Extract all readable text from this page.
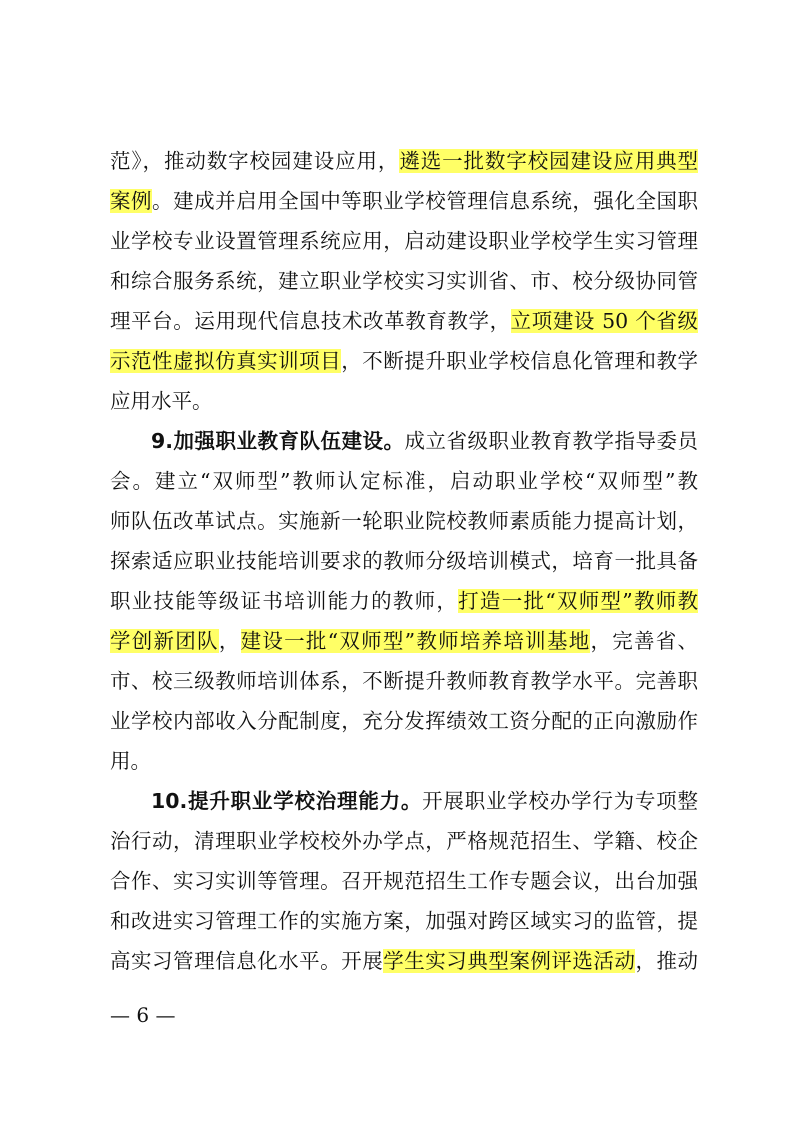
范》，推动数字校园建设应用，遴选一批数字校园建设应用典型
案例。建成并启用全国中等职业学校管理信息系统，强化全国职
业学校专业设置管理系统应用，启动建设职业学校学生实习管理
和综合服务系统，建立职业学校实习实训省、市、校分级协同管
理平台。运用现代信息技术改革教育教学，立项建设 50 个省级
示范性虚拟仿真实训项目，不断提升职业学校信息化管理和教学
应用水平。
9.加强职业教育队伍建设。成立省级职业教育教学指导委员
会。建立“双师型”教师认定标准，启动职业学校“双师型”教
师队伍改革试点。实施新一轮职业院校教师素质能力提高计划，
探索适应职业技能培训要求的教师分级培训模式，培育一批具备
职业技能等级证书培训能力的教师，打造一批“双师型”教师教
学创新团队，建设一批“双师型”教师培养培训基地，完善省、
市、校三级教师培训体系，不断提升教师教育教学水平。完善职
业学校内部收入分配制度，充分发挥绩效工资分配的正向激励作
用。
10.提升职业学校治理能力。开展职业学校办学行为专项整
治行动，清理职业学校校外办学点，严格规范招生、学籍、校企
合作、实习实训等管理。召开规范招生工作专题会议，出台加强
和改进实习管理工作的实施方案，加强对跨区域实习的监管，提
高实习管理信息化水平。开展学生实习典型案例评选活动，推动
— 6 —
